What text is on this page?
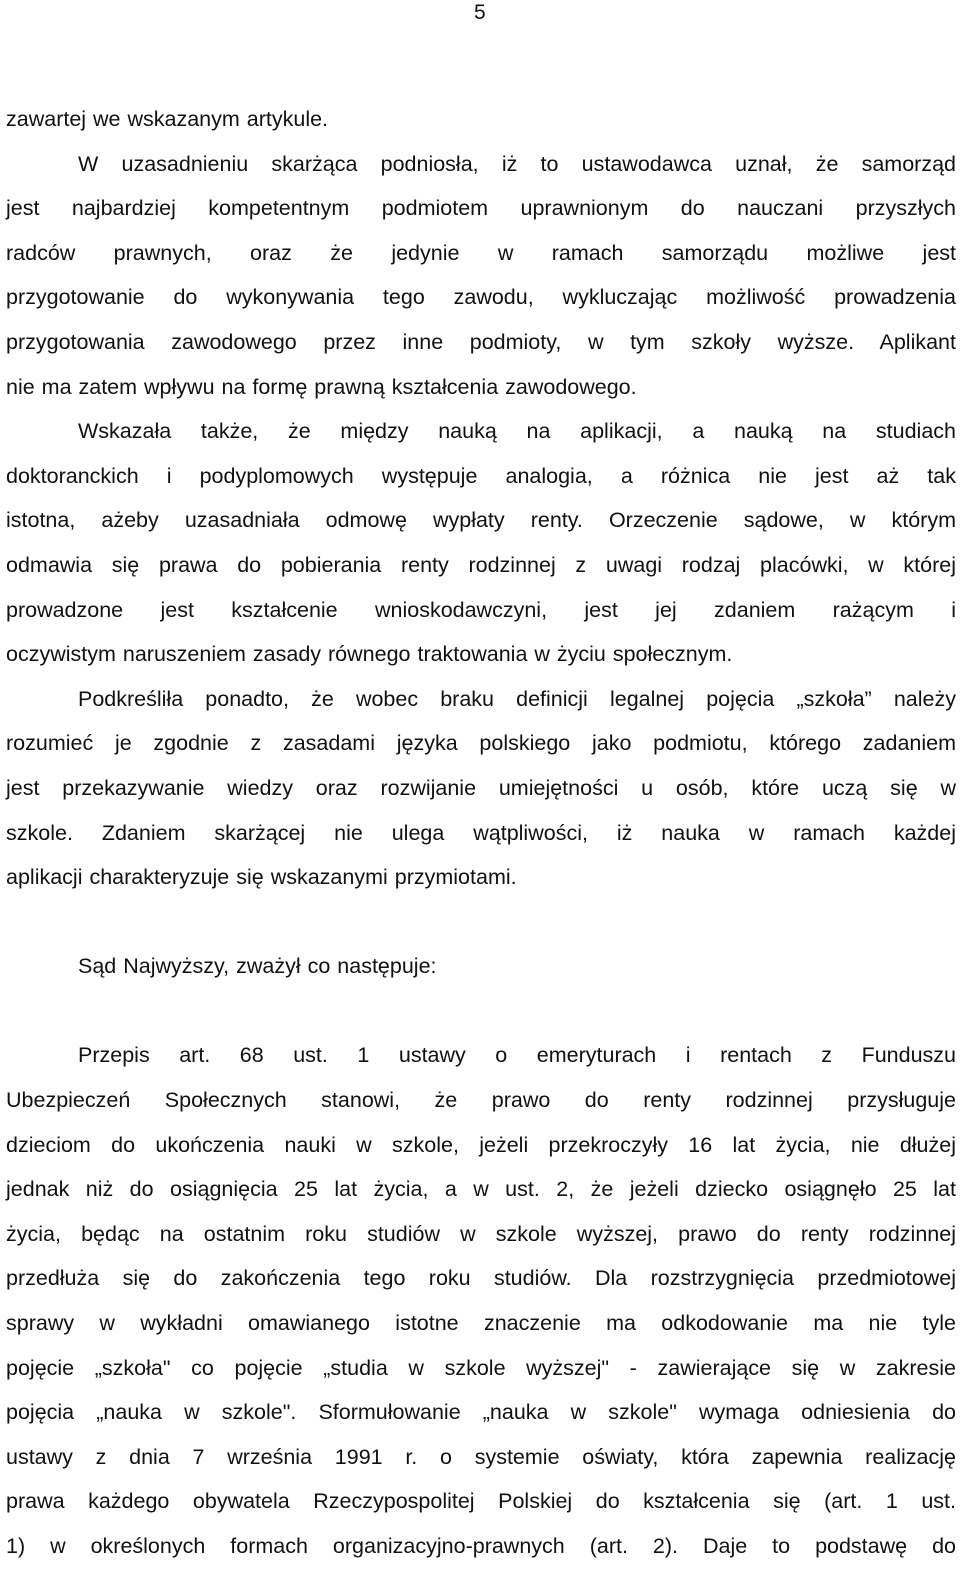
5

zawartej we wskazanym artykule.

W uzasadnieniu skarżąca podniosła, iż to ustawodawca uznał, że samorząd

jest najbardziej kompetentnym podmiotem uprawnionym do nauczani przyszłych

radców prawnych, oraz że jedynie w ramach samorządu możliwe jest

przygotowanie do wykonywania tego zawodu, wykluczając możliwość prowadzenia

przygotowania zawodowego przez inne podmioty, w tym szkoły wyższe. Aplikant

nie ma zatem wpływu na formę prawną kształcenia zawodowego.

Wskazała także, że między nauką na aplikacji, a nauką na studiach

doktoranckich i podyplomowych występuje analogia, a różnica nie jest aż tak

istotna, ażeby uzasadniała odmowę wypłaty renty. Orzeczenie sądowe, w którym

odmawia się prawa do pobierania renty rodzinnej z uwagi rodzaj placówki, w której

prowadzone jest kształcenie wnioskodawczyni, jest jej zdaniem rażącym i

oczywistym naruszeniem zasady równego traktowania w życiu społecznym.

Podkreśliła ponadto, że wobec braku definicji legalnej pojęcia „szkoła” należy

rozumieć je zgodnie z zasadami języka polskiego jako podmiotu, którego zadaniem

jest przekazywanie wiedzy oraz rozwijanie umiejętności u osób, które uczą się w

szkole. Zdaniem skarżącej nie ulega wątpliwości, iż nauka w ramach każdej

aplikacji charakteryzuje się wskazanymi przymiotami.

Sąd Najwyższy, zważył co następuje:

Przepis art. 68 ust. 1 ustawy o emeryturach i rentach z Funduszu

Ubezpieczeń Społecznych stanowi, że prawo do renty rodzinnej przysługuje

dzieciom do ukończenia nauki w szkole, jeżeli przekroczyły 16 lat życia, nie dłużej

jednak niż do osiągnięcia 25 lat życia, a w ust. 2, że jeżeli dziecko osiągnęło 25 lat

życia, będąc na ostatnim roku studiów w szkole wyższej, prawo do renty rodzinnej

przedłuża się do zakończenia tego roku studiów. Dla rozstrzygnięcia przedmiotowej

sprawy w wykładni omawianego istotne znaczenie ma odkodowanie ma nie tyle

pojęcie „szkoła" co pojęcie „studia w szkole wyższej" - zawierające się w zakresie

pojęcia „nauka w szkole". Sformułowanie „nauka w szkole" wymaga odniesienia do

ustawy z dnia 7 września 1991 r. o systemie oświaty, która zapewnia realizację

prawa każdego obywatela Rzeczypospolitej Polskiej do kształcenia się (art. 1 ust.

1) w określonych formach organizacyjno-prawnych (art. 2). Daje to podstawę do
